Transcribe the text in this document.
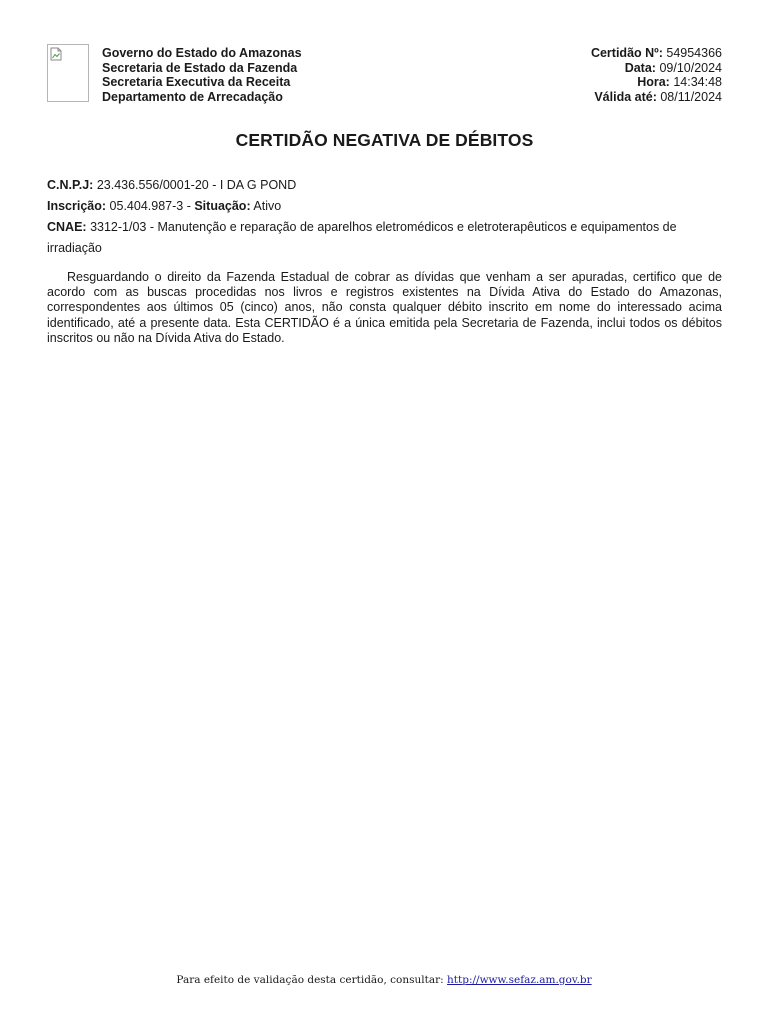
Governo do Estado do Amazonas
Secretaria de Estado da Fazenda
Secretaria Executiva da Receita
Departamento de Arrecadação
Certidão Nº: 54954366
Data: 09/10/2024
Hora: 14:34:48
Válida até: 08/11/2024
CERTIDÃO NEGATIVA DE DÉBITOS
C.N.P.J: 23.436.556/0001-20 - I DA G POND
Inscrição: 05.404.987-3 - Situação: Ativo
CNAE: 3312-1/03 - Manutenção e reparação de aparelhos eletromédicos e eletroterapêuticos e equipamentos de irradiação

Resguardando o direito da Fazenda Estadual de cobrar as dívidas que venham a ser apuradas, certifico que de acordo com as buscas procedidas nos livros e registros existentes na Dívida Ativa do Estado do Amazonas, correspondentes aos últimos 05 (cinco) anos, não consta qualquer débito inscrito em nome do interessado acima identificado, até a presente data. Esta CERTIDÃO é a única emitida pela Secretaria de Fazenda, inclui todos os débitos inscritos ou não na Dívida Ativa do Estado.

Para efeito de validação desta certidão, consultar: http://www.sefaz.am.gov.br
